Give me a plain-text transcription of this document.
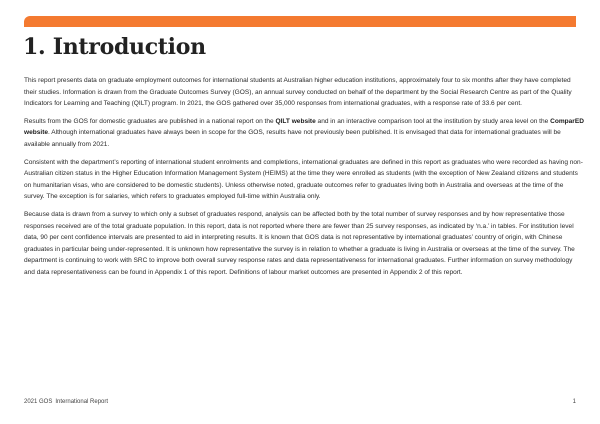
1. Introduction

This report presents data on graduate employment outcomes for international students at Australian higher education institutions, approximately four to six months after they have completed their studies. Information is drawn from the Graduate Outcomes Survey (GOS), an annual survey conducted on behalf of the department by the Social Research Centre as part of the Quality Indicators for Learning and Teaching (QILT) program. In 2021, the GOS gathered over 35,000 responses from international graduates, with a response rate of 33.6 per cent.

Results from the GOS for domestic graduates are published in a national report on the QILT website and in an interactive comparison tool at the institution by study area level on the ComparED website. Although international graduates have always been in scope for the GOS, results have not previously been published. It is envisaged that data for international graduates will be available annually from 2021.

Consistent with the department’s reporting of international student enrolments and completions, international graduates are defined in this report as graduates who were recorded as having non-Australian citizen status in the Higher Education Information Management System (HEIMS) at the time they were enrolled as students (with the exception of New Zealand citizens and students on humanitarian visas, who are considered to be domestic students). Unless otherwise noted, graduate outcomes refer to graduates living both in Australia and overseas at the time of the survey. The exception is for salaries, which refers to graduates employed full-time within Australia only.

Because data is drawn from a survey to which only a subset of graduates respond, analysis can be affected both by the total number of survey responses and by how representative those responses received are of the total graduate population. In this report, data is not reported where there are fewer than 25 survey responses, as indicated by ‘n.a.’ in tables. For institution level data, 90 per cent confidence intervals are presented to aid in interpreting results. It is known that GOS data is not representative by international graduates’ country of origin, with Chinese graduates in particular being under-represented. It is unknown how representative the survey is in relation to whether a graduate is living in Australia or overseas at the time of the survey. The department is continuing to work with SRC to improve both overall survey response rates and data representativeness for international graduates. Further information on survey methodology and data representativeness can be found in Appendix 1 of this report. Definitions of labour market outcomes are presented in Appendix 2 of this report.

2021 GOS International Report	1
